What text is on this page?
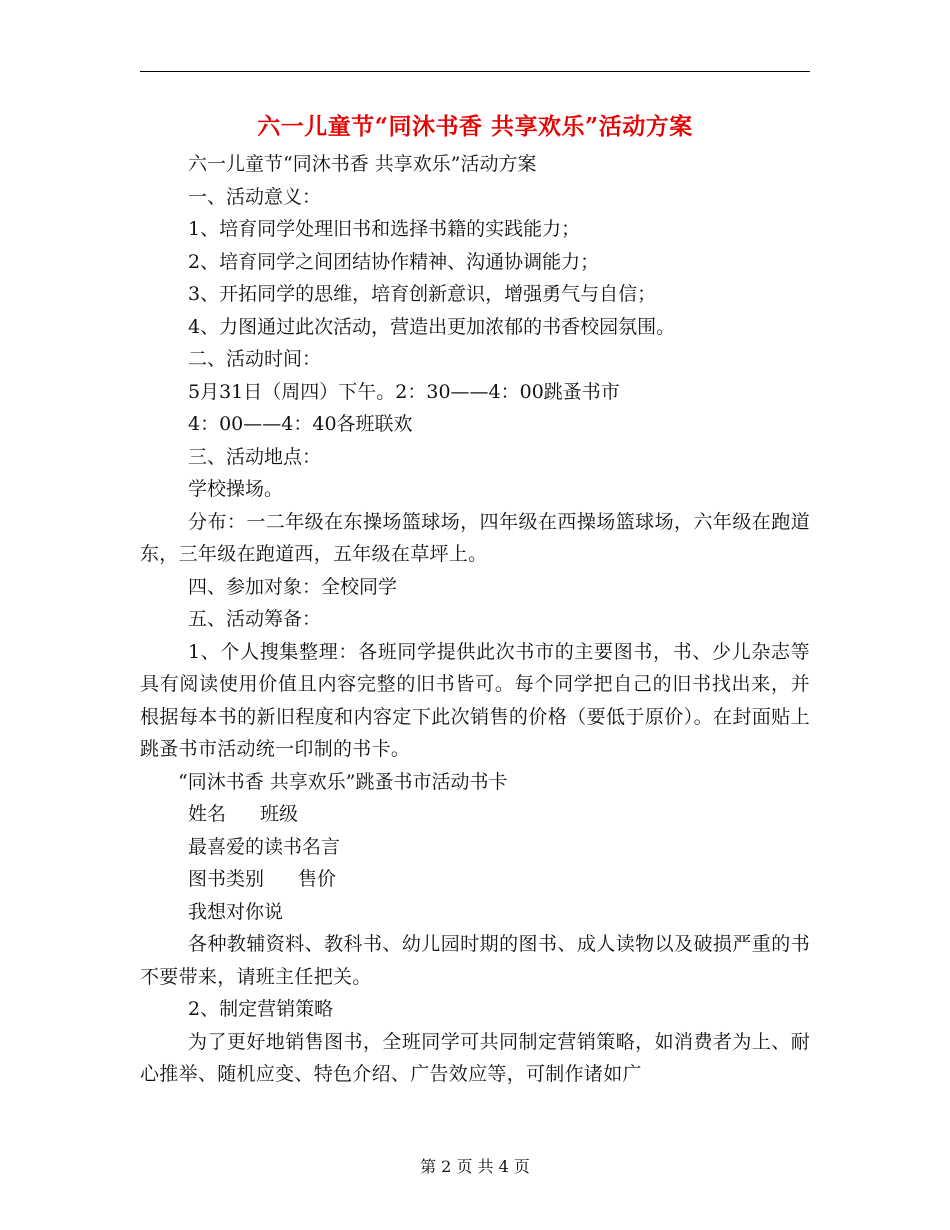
六一儿童节“同沐书香 共享欢乐”活动方案

六一儿童节“同沐书香 共享欢乐”活动方案

一、活动意义：

1、培育同学处理旧书和选择书籍的实践能力；

2、培育同学之间团结协作精神、沟通协调能力；

3、开拓同学的思维，培育创新意识，增强勇气与自信；

4、力图通过此次活动，营造出更加浓郁的书香校园氛围。

二、活动时间：

5月31日（周四）下午。2：30——4：00跳蚤书市

4：00——4：40各班联欢

三、活动地点：

学校操场。

分布：一二年级在东操场篮球场，四年级在西操场篮球场，六年级在跑道东，三年级在跑道西，五年级在草坪上。

四、参加对象：全校同学

五、活动筹备：

1、个人搜集整理：各班同学提供此次书市的主要图书，书、少儿杂志等具有阅读使用价值且内容完整的旧书皆可。每个同学把自己的旧书找出来，并根据每本书的新旧程度和内容定下此次销售的价格（要低于原价）。在封面贴上跳蚤书市活动统一印制的书卡。

“同沐书香 共享欢乐”跳蚤书市活动书卡

姓名 班级

最喜爱的读书名言

图书类别 售价

我想对你说

各种教辅资料、教科书、幼儿园时期的图书、成人读物以及破损严重的书不要带来，请班主任把关。

2、制定营销策略

为了更好地销售图书，全班同学可共同制定营销策略，如消费者为上、耐心推举、随机应变、特色介绍、广告效应等，可制作诸如广

第 2 页 共 4 页
